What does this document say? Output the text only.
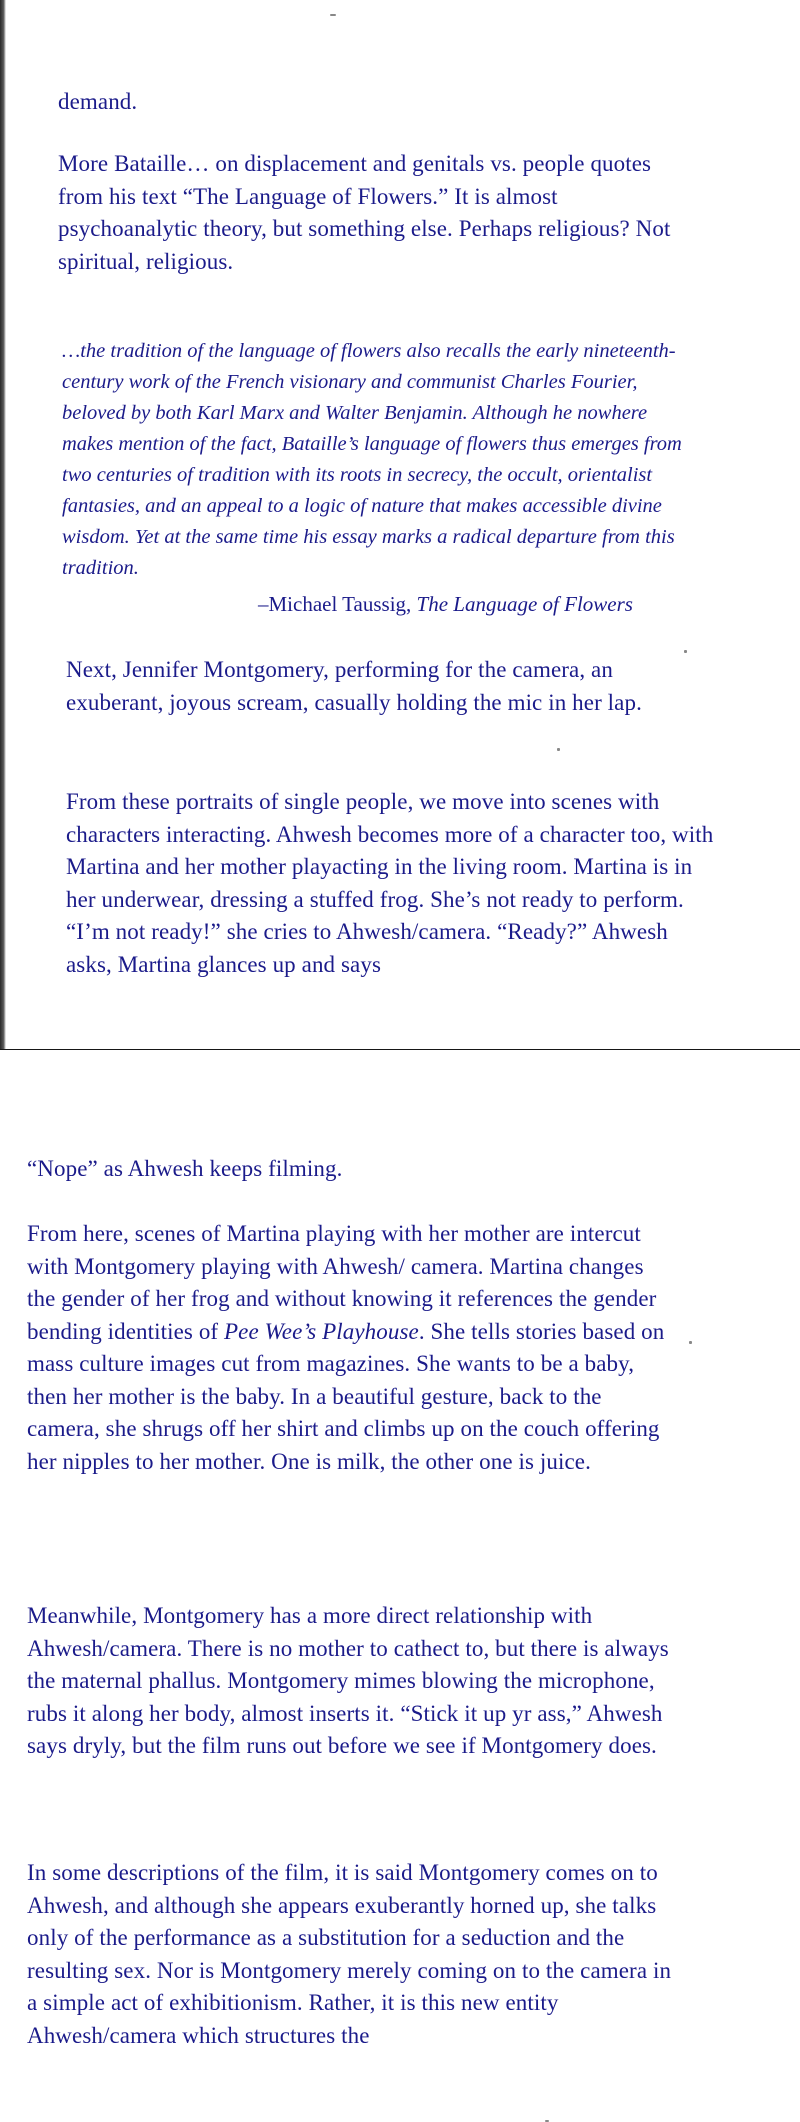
demand.

More Bataille… on displacement and genitals vs. people quotes from his text “The Language of Flowers.” It is almost psychoanalytic theory, but something else. Perhaps religious? Not spiritual, religious.

…the tradition of the language of flowers also recalls the early nineteenth-century work of the French visionary and communist Charles Fourier, beloved by both Karl Marx and Walter Benjamin. Although he nowhere makes mention of the fact, Bataille’s language of flowers thus emerges from two centuries of tradition with its roots in secrecy, the occult, orientalist fantasies, and an appeal to a logic of nature that makes accessible divine wisdom. Yet at the same time his essay marks a radical departure from this tradition.

–Michael Taussig, The Language of Flowers

Next, Jennifer Montgomery, performing for the camera, an exuberant, joyous scream, casually holding the mic in her lap.

From these portraits of single people, we move into scenes with characters interacting. Ahwesh becomes more of a character too, with Martina and her mother playacting in the living room. Martina is in her underwear, dressing a stuffed frog. She’s not ready to perform. “I’m not ready!” she cries to Ahwesh/camera. “Ready?” Ahwesh asks, Martina glances up and says

“Nope” as Ahwesh keeps filming.

From here, scenes of Martina playing with her mother are intercut with Montgomery playing with Ahwesh/ camera. Martina changes the gender of her frog and without knowing it references the gender bending identities of Pee Wee’s Playhouse. She tells stories based on mass culture images cut from magazines. She wants to be a baby, then her mother is the baby. In a beautiful gesture, back to the camera, she shrugs off her shirt and climbs up on the couch offering her nipples to her mother. One is milk, the other one is juice.

Meanwhile, Montgomery has a more direct relationship with Ahwesh/camera. There is no mother to cathect to, but there is always the maternal phallus. Montgomery mimes blowing the microphone, rubs it along her body, almost inserts it. “Stick it up yr ass,” Ahwesh says dryly, but the film runs out before we see if Montgomery does.

In some descriptions of the film, it is said Montgomery comes on to Ahwesh, and although she appears exuberantly horned up, she talks only of the performance as a substitution for a seduction and the resulting sex. Nor is Montgomery merely coming on to the camera in a simple act of exhibitionism. Rather, it is this new entity Ahwesh/camera which structures the
